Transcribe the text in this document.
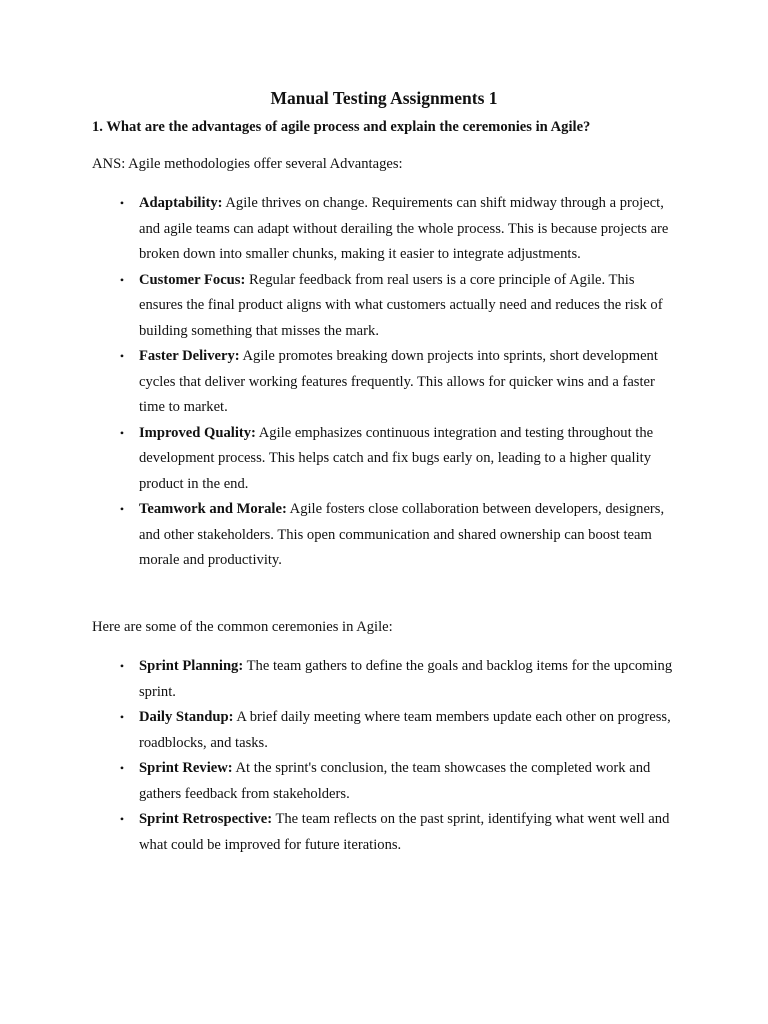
Manual Testing Assignments 1

1. What are the advantages of agile process and explain the ceremonies in Agile?

ANS: Agile methodologies offer several Advantages:

• Adaptability: Agile thrives on change. Requirements can shift midway through a project, and agile teams can adapt without derailing the whole process. This is because projects are broken down into smaller chunks, making it easier to integrate adjustments.
• Customer Focus: Regular feedback from real users is a core principle of Agile. This ensures the final product aligns with what customers actually need and reduces the risk of building something that misses the mark.
• Faster Delivery: Agile promotes breaking down projects into sprints, short development cycles that deliver working features frequently. This allows for quicker wins and a faster time to market.
• Improved Quality: Agile emphasizes continuous integration and testing throughout the development process. This helps catch and fix bugs early on, leading to a higher quality product in the end.
• Teamwork and Morale: Agile fosters close collaboration between developers, designers, and other stakeholders. This open communication and shared ownership can boost team morale and productivity.

Here are some of the common ceremonies in Agile:

• Sprint Planning: The team gathers to define the goals and backlog items for the upcoming sprint.
• Daily Standup: A brief daily meeting where team members update each other on progress, roadblocks, and tasks.
• Sprint Review: At the sprint's conclusion, the team showcases the completed work and gathers feedback from stakeholders.
• Sprint Retrospective: The team reflects on the past sprint, identifying what went well and what could be improved for future iterations.
